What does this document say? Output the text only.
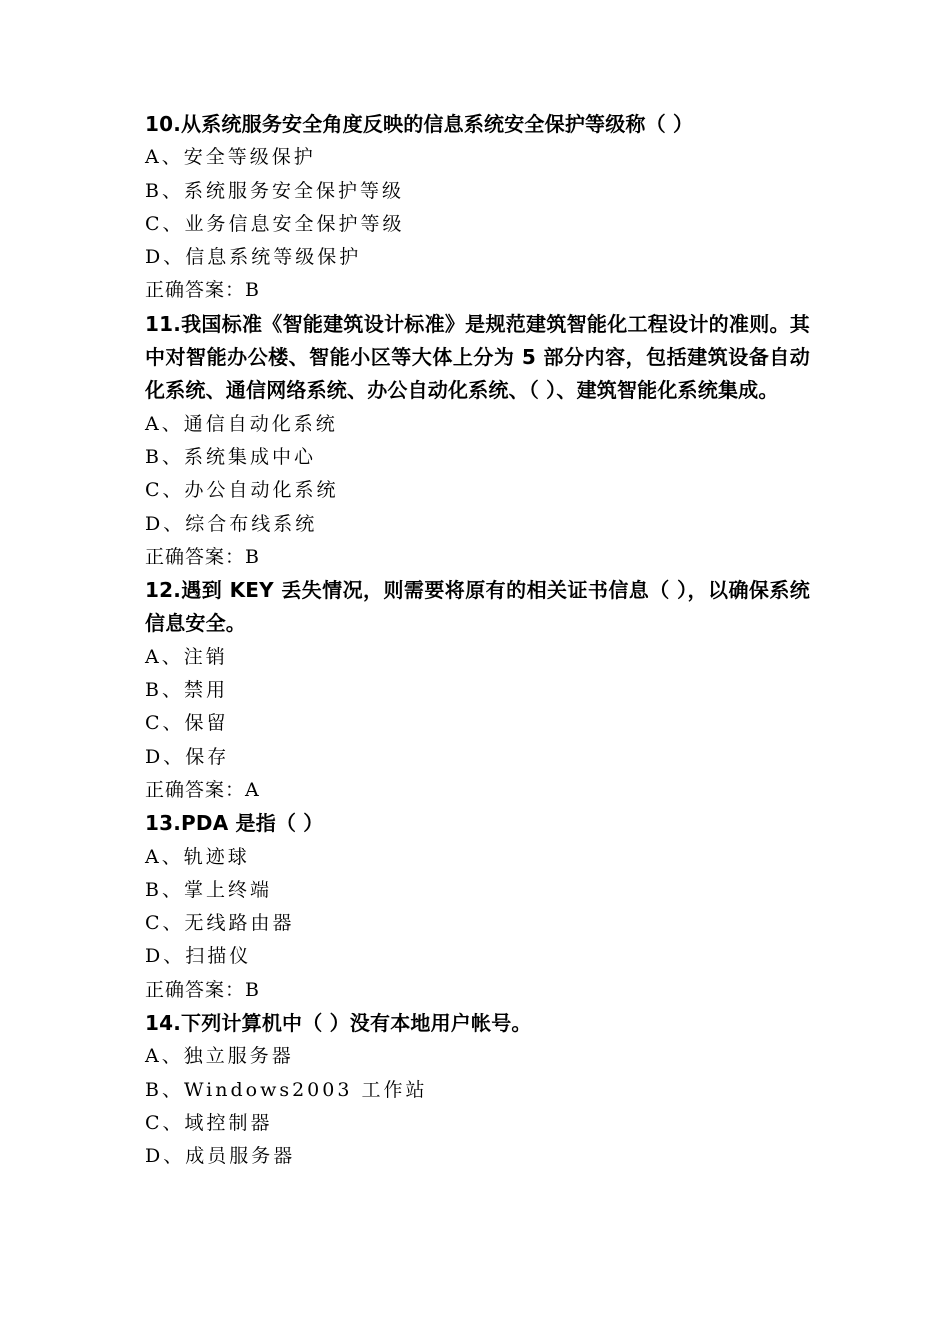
10.从系统服务安全角度反映的信息系统安全保护等级称（ ）

A、安全等级保护

B、系统服务安全保护等级

C、业务信息安全保护等级

D、信息系统等级保护

正确答案：B

11.我国标准《智能建筑设计标准》是规范建筑智能化工程设计的准则。其中对智能办公楼、智能小区等大体上分为 5 部分内容，包括建筑设备自动化系统、通信网络系统、办公自动化系统、（ ）、建筑智能化系统集成。

A、通信自动化系统

B、系统集成中心

C、办公自动化系统

D、综合布线系统

正确答案：B

12.遇到 KEY 丢失情况，则需要将原有的相关证书信息（ ），以确保系统信息安全。

A、注销

B、禁用

C、保留

D、保存

正确答案：A

13.PDA 是指（ ）

A、轨迹球

B、掌上终端

C、无线路由器

D、扫描仪

正确答案：B

14.下列计算机中（ ）没有本地用户帐号。

A、独立服务器

B、Windows2003 工作站

C、域控制器

D、成员服务器
